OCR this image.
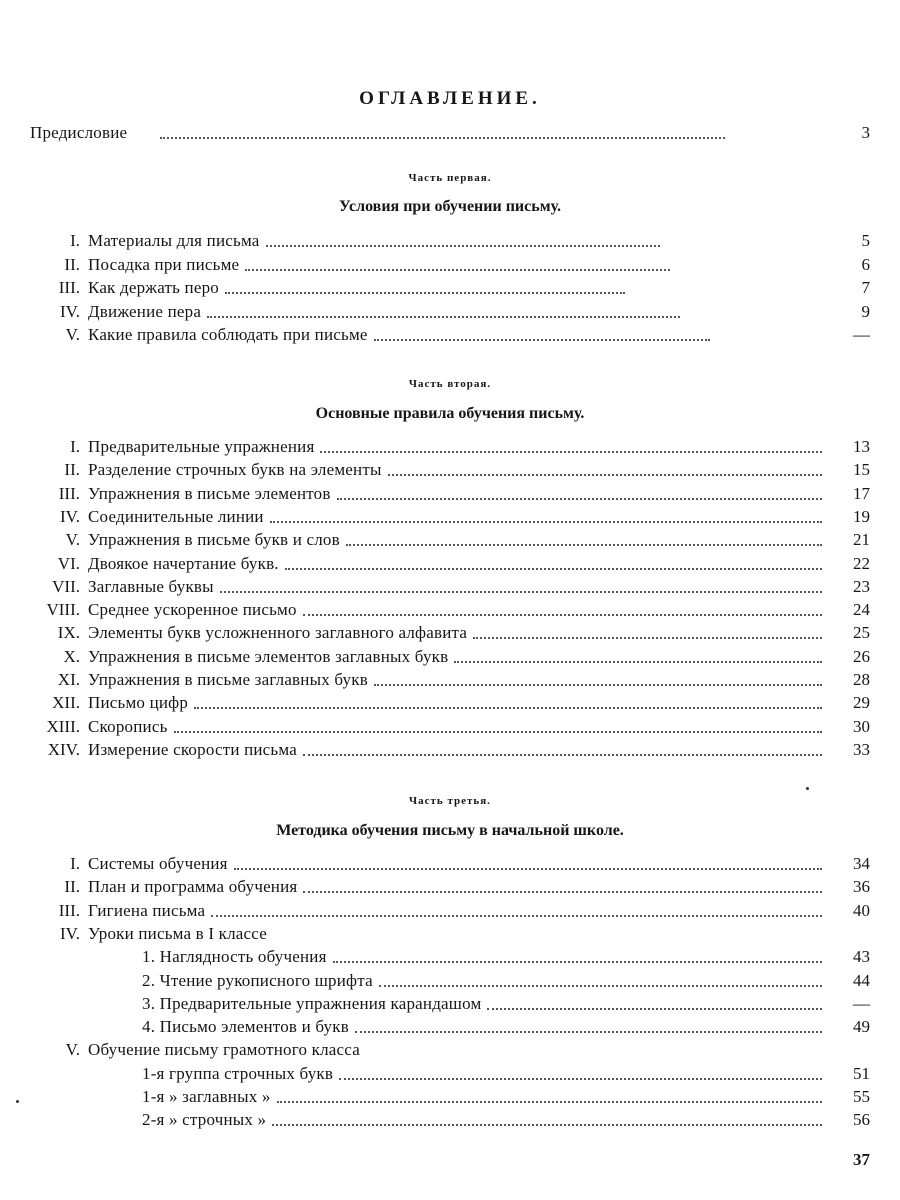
ОГЛАВЛЕНИЕ.
Предисловие	3
Часть первая.
Условия при обучении письму.
I. Материалы для письма	5
II. Посадка при письме	6
III. Как держать перо	7
IV. Движение пера	9
V. Какие правила соблюдать при письме	—
Часть вторая.
Основные правила обучения письму.
I. Предварительные упражнения	13
II. Разделение строчных букв на элементы	15
III. Упражнения в письме элементов	17
IV. Соединительные линии	19
V. Упражнения в письме букв и слов	21
VI. Двоякое начертание букв.	22
VII. Заглавные буквы	23
VIII. Среднее ускоренное письмо	24
IX. Элементы букв усложненного заглавного алфавита	25
X. Упражнения в письме элементов заглавных букв	26
XI. Упражнения в письме заглавных букв	28
XII. Письмо цифр	29
XIII. Скоропись	30
XIV. Измерение скорости письма	33
Часть третья.
Методика обучения письму в начальной школе.
I. Системы обучения	34
II. План и программа обучения	36
III. Гигиена письма	40
IV. Уроки письма в I классе
1. Наглядность обучения	43
2. Чтение рукописного шрифта	44
3. Предварительные упражнения карандашом	—
4. Письмо элементов и букв	49
V. Обучение письму грамотного класса
1-я группа строчных букв	51
1-я » заглавных »	55
2-я » строчных »	56
37
